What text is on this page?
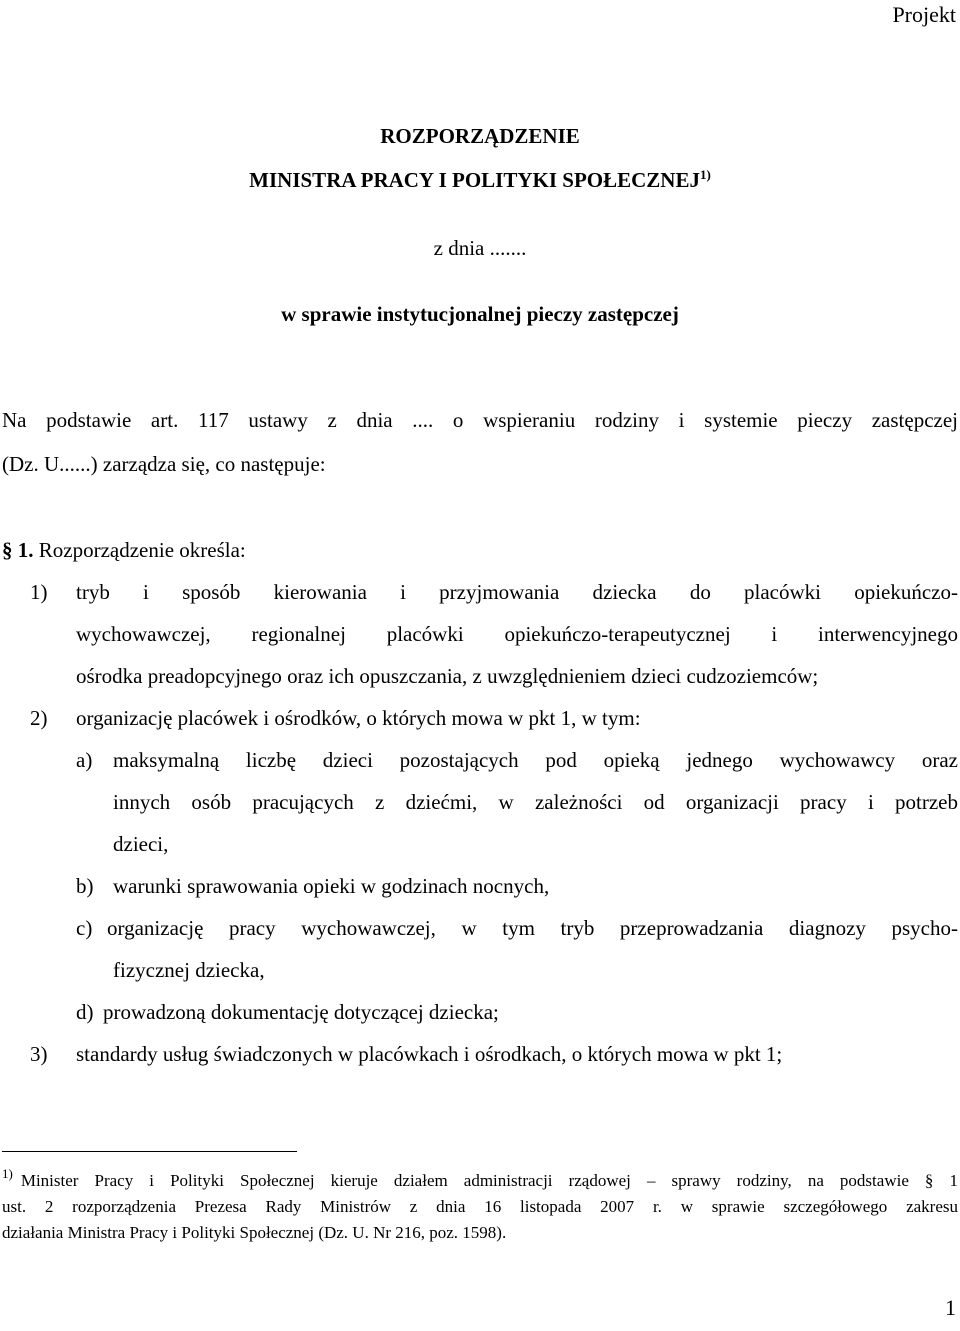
Projekt
ROZPORZĄDZENIE
MINISTRA PRACY I POLITYKI SPOŁECZNEJ$^{1)}$
z dnia .......
w sprawie instytucjonalnej pieczy zastępczej
Na podstawie art. 117 ustawy z dnia .... o wspieraniu rodziny i systemie pieczy zastępczej
(Dz. U......) zarządza się, co następuje:
§ 1. Rozporządzenie określa:
1) tryb i sposób kierowania i przyjmowania dziecka do placówki opiekuńczo-
wychowawczej, regionalnej placówki opiekuńczo-terapeutycznej i interwencyjnego
ośrodka preadopcyjnego oraz ich opuszczania, z uwzględnieniem dzieci cudzoziemców;
2) organizację placówek i ośrodków, o których mowa w pkt 1, w tym:
a) maksymalną liczbę dzieci pozostających pod opieką jednego wychowawcy oraz
innych osób pracujących z dziećmi, w zależności od organizacji pracy i potrzeb
dzieci,
b) warunki sprawowania opieki w godzinach nocnych,
c) organizację pracy wychowawczej, w tym tryb przeprowadzania diagnozy psycho-
fizycznej dziecka,
d) prowadzoną dokumentację dotyczącej dziecka;
3) standardy usług świadczonych w placówkach i ośrodkach, o których mowa w pkt 1;
$^{1)}$ Minister Pracy i Polityki Społecznej kieruje działem administracji rządowej – sprawy rodziny, na podstawie § 1
ust. 2 rozporządzenia Prezesa Rady Ministrów z dnia 16 listopada 2007 r. w sprawie szczegółowego zakresu
działania Ministra Pracy i Polityki Społecznej (Dz. U. Nr 216, poz. 1598).
1
